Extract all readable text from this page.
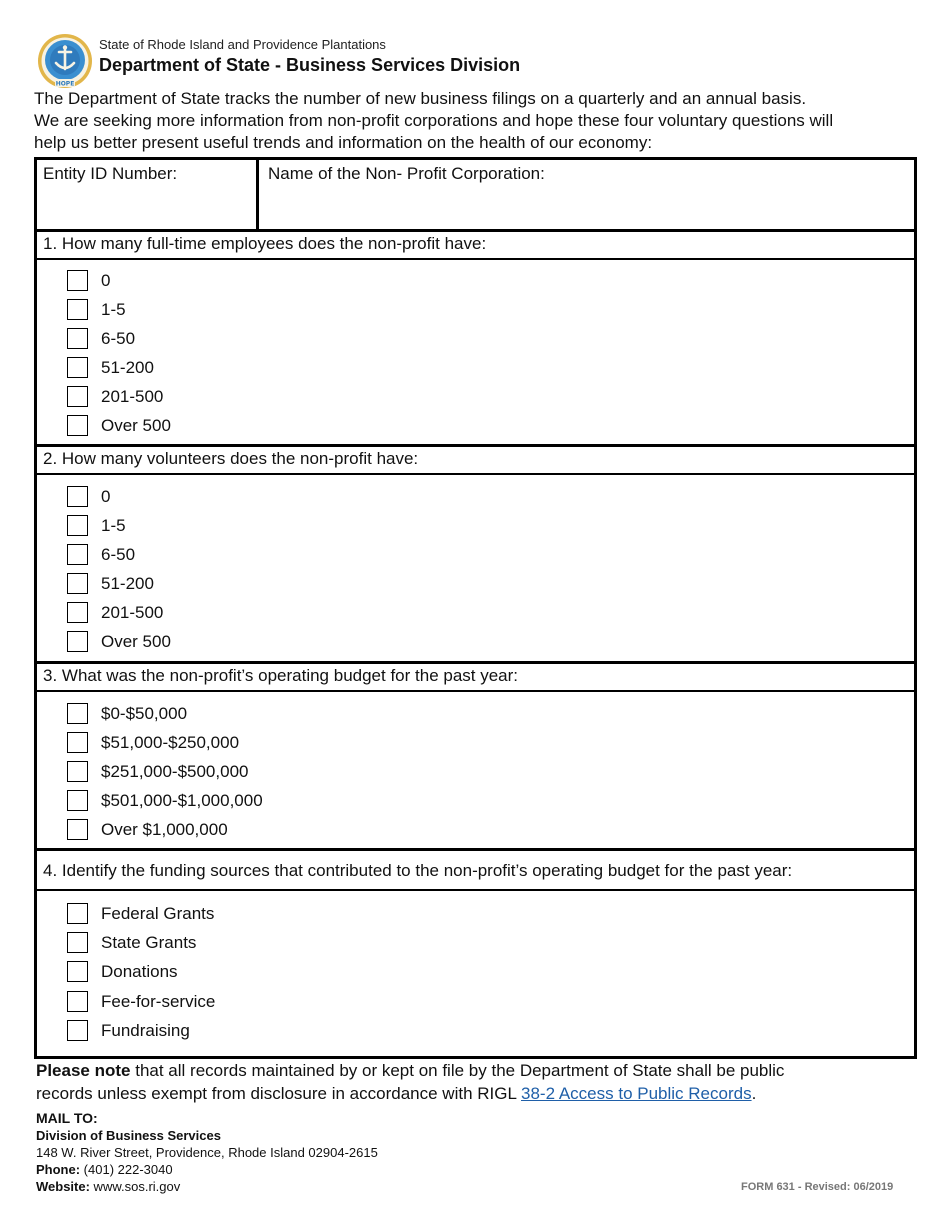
HOPE
State of Rhode Island and Providence Plantations
Department of State - Business Services Division

The Department of State tracks the number of new business filings on a quarterly and an annual basis.

We are seeking more information from non-profit corporations and hope these four voluntary questions will

help us better present useful trends and information on the health of our economy:

Entity ID Number:	Name of the Non- Profit Corporation:
1. How many full-time employees does the non-profit have:
0
1-5
6-50
51-200
201-500
Over 500
2. How many volunteers does the non-profit have:
0
1-5
6-50
51-200
201-500
Over 500
3. What was the non-profit’s operating budget for the past year:
$0-$50,000
$51,000-$250,000
$251,000-$500,000
$501,000-$1,000,000
Over $1,000,000
4. Identify the funding sources that contributed to the non-profit’s operating budget for the past year:
Federal Grants
State Grants
Donations
Fee-for-service
Fundraising

Please note that all records maintained by or kept on file by the Department of State shall be public

records unless exempt from disclosure in accordance with RIGL 38-2 Access to Public Records.

MAIL TO:
Division of Business Services
148 W. River Street, Providence, Rhode Island 02904-2615
Phone: (401) 222-3040
Website: www.sos.ri.gov	FORM 631 - Revised: 06/2019
